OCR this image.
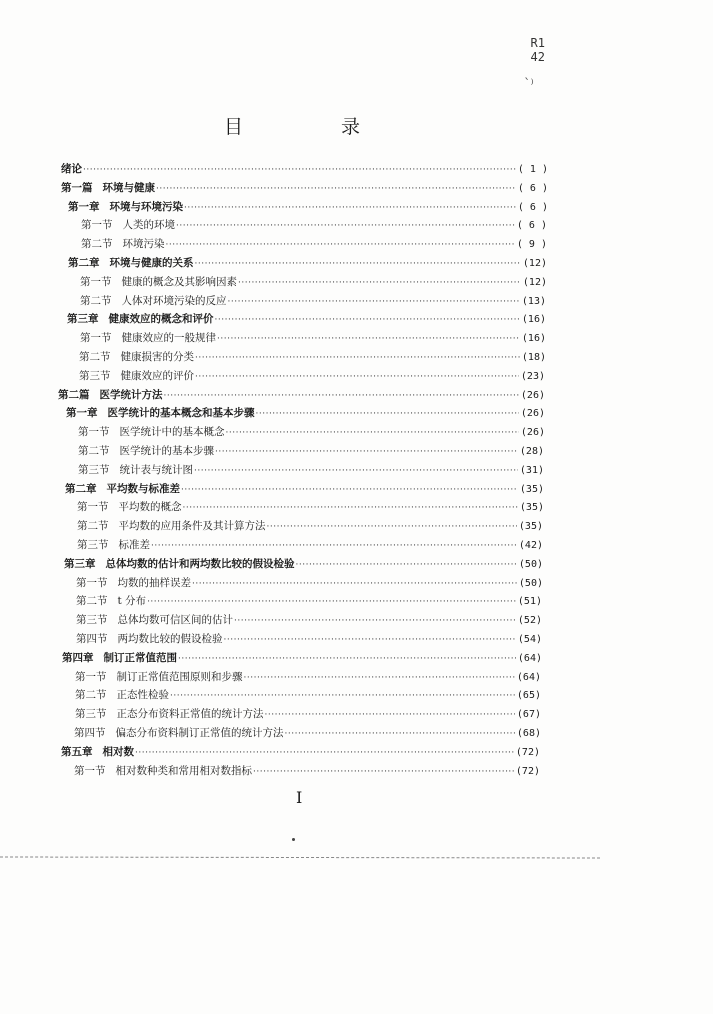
R1
42
ˋ⁾
目 录
绪论 ·····	( 1 )
第一篇 环境与健康 ·····	( 6 )
第一章 环境与环境污染 ·····	( 6 )
第一节 人类的环境 ·····	( 6 )
第二节 环境污染 ·····	( 9 )
第二章 环境与健康的关系 ·····	(12)
第一节 健康的概念及其影响因素 ·····	(12)
第二节 人体对环境污染的反应 ·····	(13)
第三章 健康效应的概念和评价 ·····	(16)
第一节 健康效应的一般规律 ·····	(16)
第二节 健康损害的分类 ·····	(18)
第三节 健康效应的评价 ·····	(23)
第二篇 医学统计方法 ·····	(26)
第一章 医学统计的基本概念和基本步骤 ·····	(26)
第一节 医学统计中的基本概念 ·····	(26)
第二节 医学统计的基本步骤 ·····	(28)
第三节 统计表与统计图 ·····	(31)
第二章 平均数与标准差 ·····	(35)
第一节 平均数的概念 ·····	(35)
第二节 平均数的应用条件及其计算方法 ·····	(35)
第三节 标准差 ·····	(42)
第三章 总体均数的估计和两均数比较的假设检验 ·····	(50)
第一节 均数的抽样误差 ·····	(50)
第二节 t 分布 ·····	(51)
第三节 总体均数可信区间的估计 ·····	(52)
第四节 两均数比较的假设检验 ·····	(54)
第四章 制订正常值范围 ·····	(64)
第一节 制订正常值范围原则和步骤 ·····	(64)
第二节 正态性检验 ·····	(65)
第三节 正态分布资料正常值的统计方法 ·····	(67)
第四节 偏态分布资料制订正常值的统计方法 ·····	(68)
第五章 相对数 ·····	(72)
第一节 相对数种类和常用相对数指标 ·····	(72)
I
